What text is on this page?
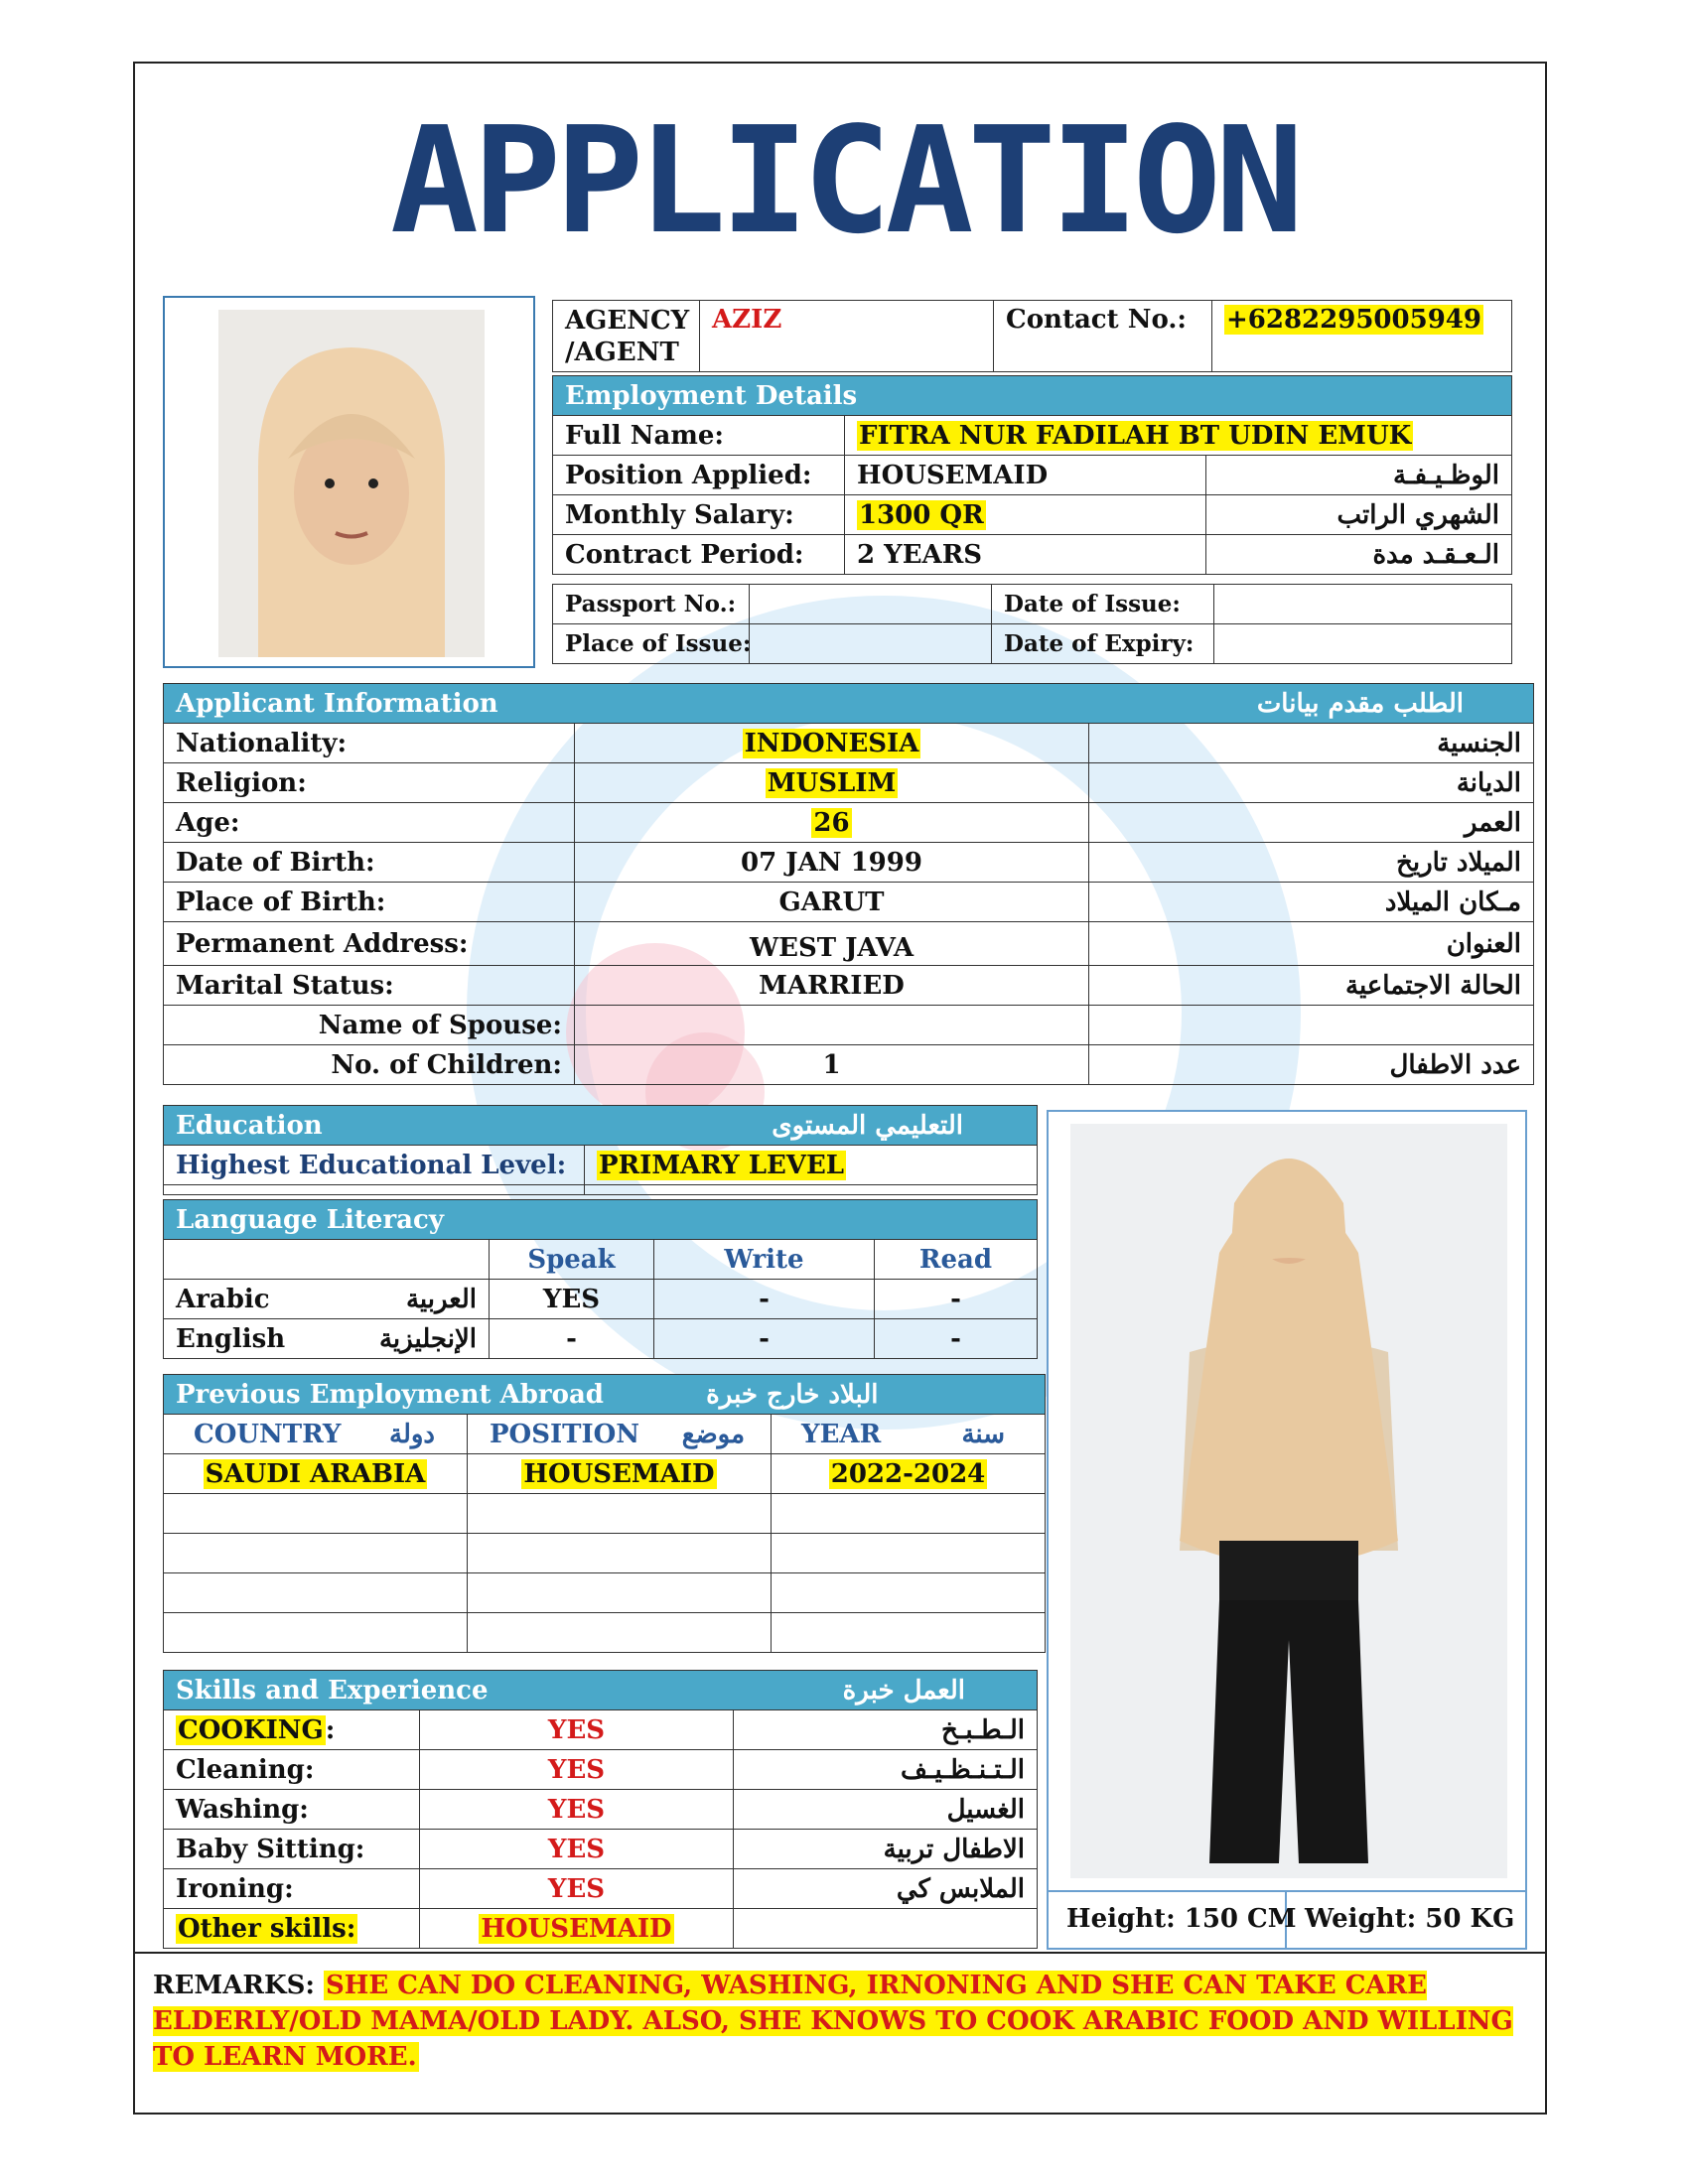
APPLICATION
AGENCY
/AGENT	AZIZ	Contact No.:	+6282295005949
Employment Details		
Full Name:	FITRA NUR FADILAH BT UDIN EMUK	
Position Applied:	HOUSEMAID	الوظـيـفـة
Monthly Salary:	1300 QR	الشهري الراتب
Contract Period:	2 YEARS	الـعـقـد مدة
Passport No.:		Date of Issue:	
Place of Issue:		Date of Expiry:	
Applicant Information		الطلب مقدم بيانات
Nationality:	INDONESIA	الجنسية
Religion:	MUSLIM	الديانة
Age:	26	العمر
Date of Birth:	07 JAN 1999	الميلاد تاريخ
Place of Birth:	GARUT	مـكان الميلاد
Permanent Address:	WEST JAVA	العنوان
Marital Status:	MARRIED	الحالة الاجتماعية
Name of Spouse:		
No. of Children:	1	عدد الاطفال
Education	التعليمي المستوى
Highest Educational Level:	PRIMARY LEVEL

Language Literacy			
	Speak	Write	Read
Arabic العربية	YES	-	-
English الإنجليزية	-	-	-
Previous Employment Abroad البلاد خارج خبرة		

COUNTRY دولة	POSITION موضع	YEAR سنة

SAUDI ARABIA	HOUSEMAID	2022-2024

Skills and Experience		العمل خبرة
COOKING:	YES	الـطـبـخ
Cleaning:	YES	الـتـنـظـيـف
Washing:	YES	الغسيل
Baby Sitting:	YES	الاطفال تربية
Ironing:	YES	الملابس كي
Other skills:	HOUSEMAID		Height: 150 CM Weight: 50 KG
REMARKS: SHE CAN DO CLEANING, WASHING, IRNONING AND SHE CAN TAKE CARE ELDERLY/OLD MAMA/OLD LADY. ALSO, SHE KNOWS TO COOK ARABIC FOOD AND WILLING TO LEARN MORE.
